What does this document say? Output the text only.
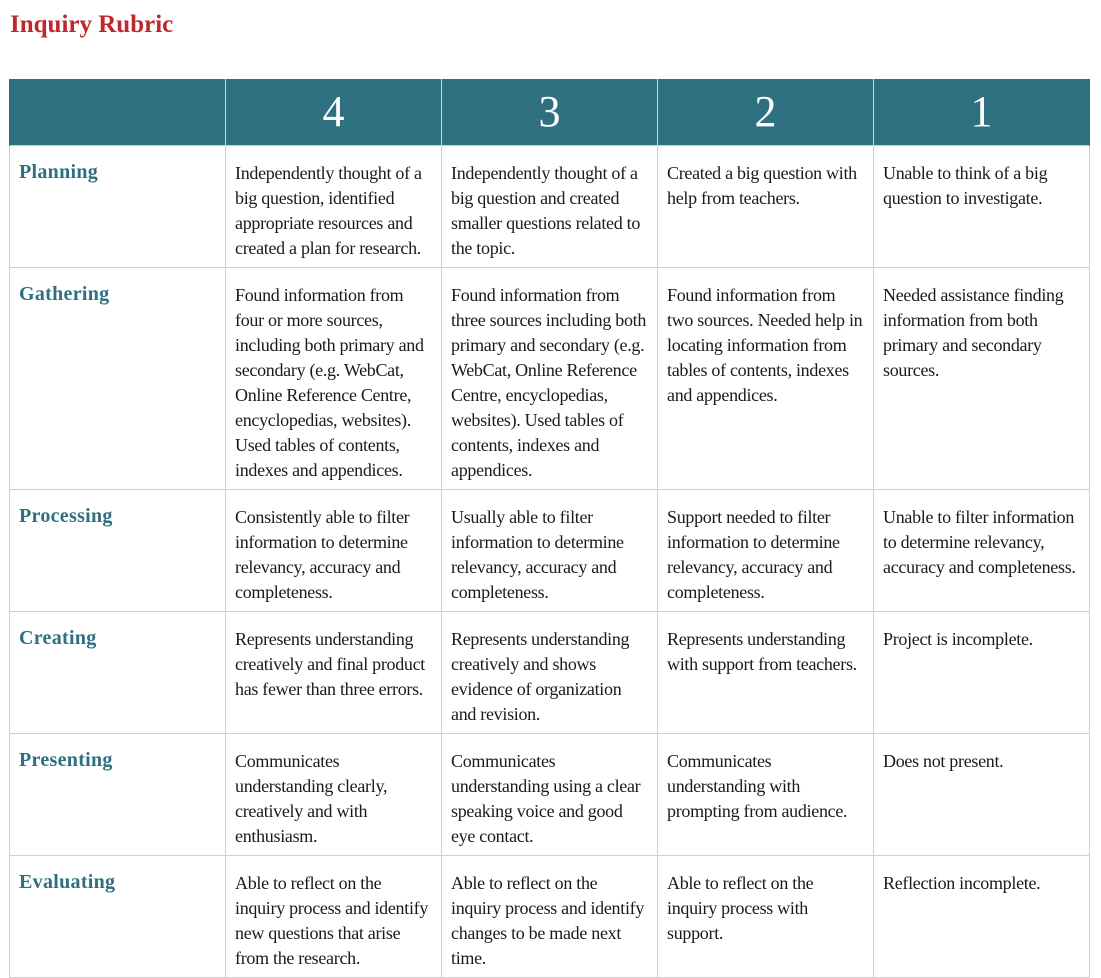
Inquiry Rubric
	4	3	2	1
Planning	Independently thought of a big question, identified appropriate resources and created a plan for research.	Independently thought of a big question and created smaller questions related to the topic.	Created a big question with help from teachers.	Unable to think of a big question to investigate.
Gathering	Found information from four or more sources, including both primary and secondary (e.g. WebCat, Online Reference Centre, encyclopedias, websites). Used tables of contents, indexes and appendices.	Found information from three sources including both primary and secondary (e.g. WebCat, Online Reference Centre, encyclopedias, websites). Used tables of contents, indexes and appendices.	Found information from two sources. Needed help in locating information from tables of contents, indexes and appendices.	Needed assistance finding information from both primary and secondary sources.
Processing	Consistently able to filter information to determine relevancy, accuracy and completeness.	Usually able to filter information to determine relevancy, accuracy and completeness.	Support needed to filter information to determine relevancy, accuracy and completeness.	Unable to filter information to determine relevancy, accuracy and completeness.
Creating	Represents understanding creatively and final product has fewer than three errors.	Represents understanding creatively and shows evidence of organization and revision.	Represents understanding with support from teachers.	Project is incomplete.
Presenting	Communicates understanding clearly, creatively and with enthusiasm.	Communicates understanding using a clear speaking voice and good eye contact.	Communicates understanding with prompting from audience.	Does not present.
Evaluating	Able to reflect on the inquiry process and identify new questions that arise from the research.	Able to reflect on the inquiry process and identify changes to be made next time.	Able to reflect on the inquiry process with support.	Reflection incomplete.
